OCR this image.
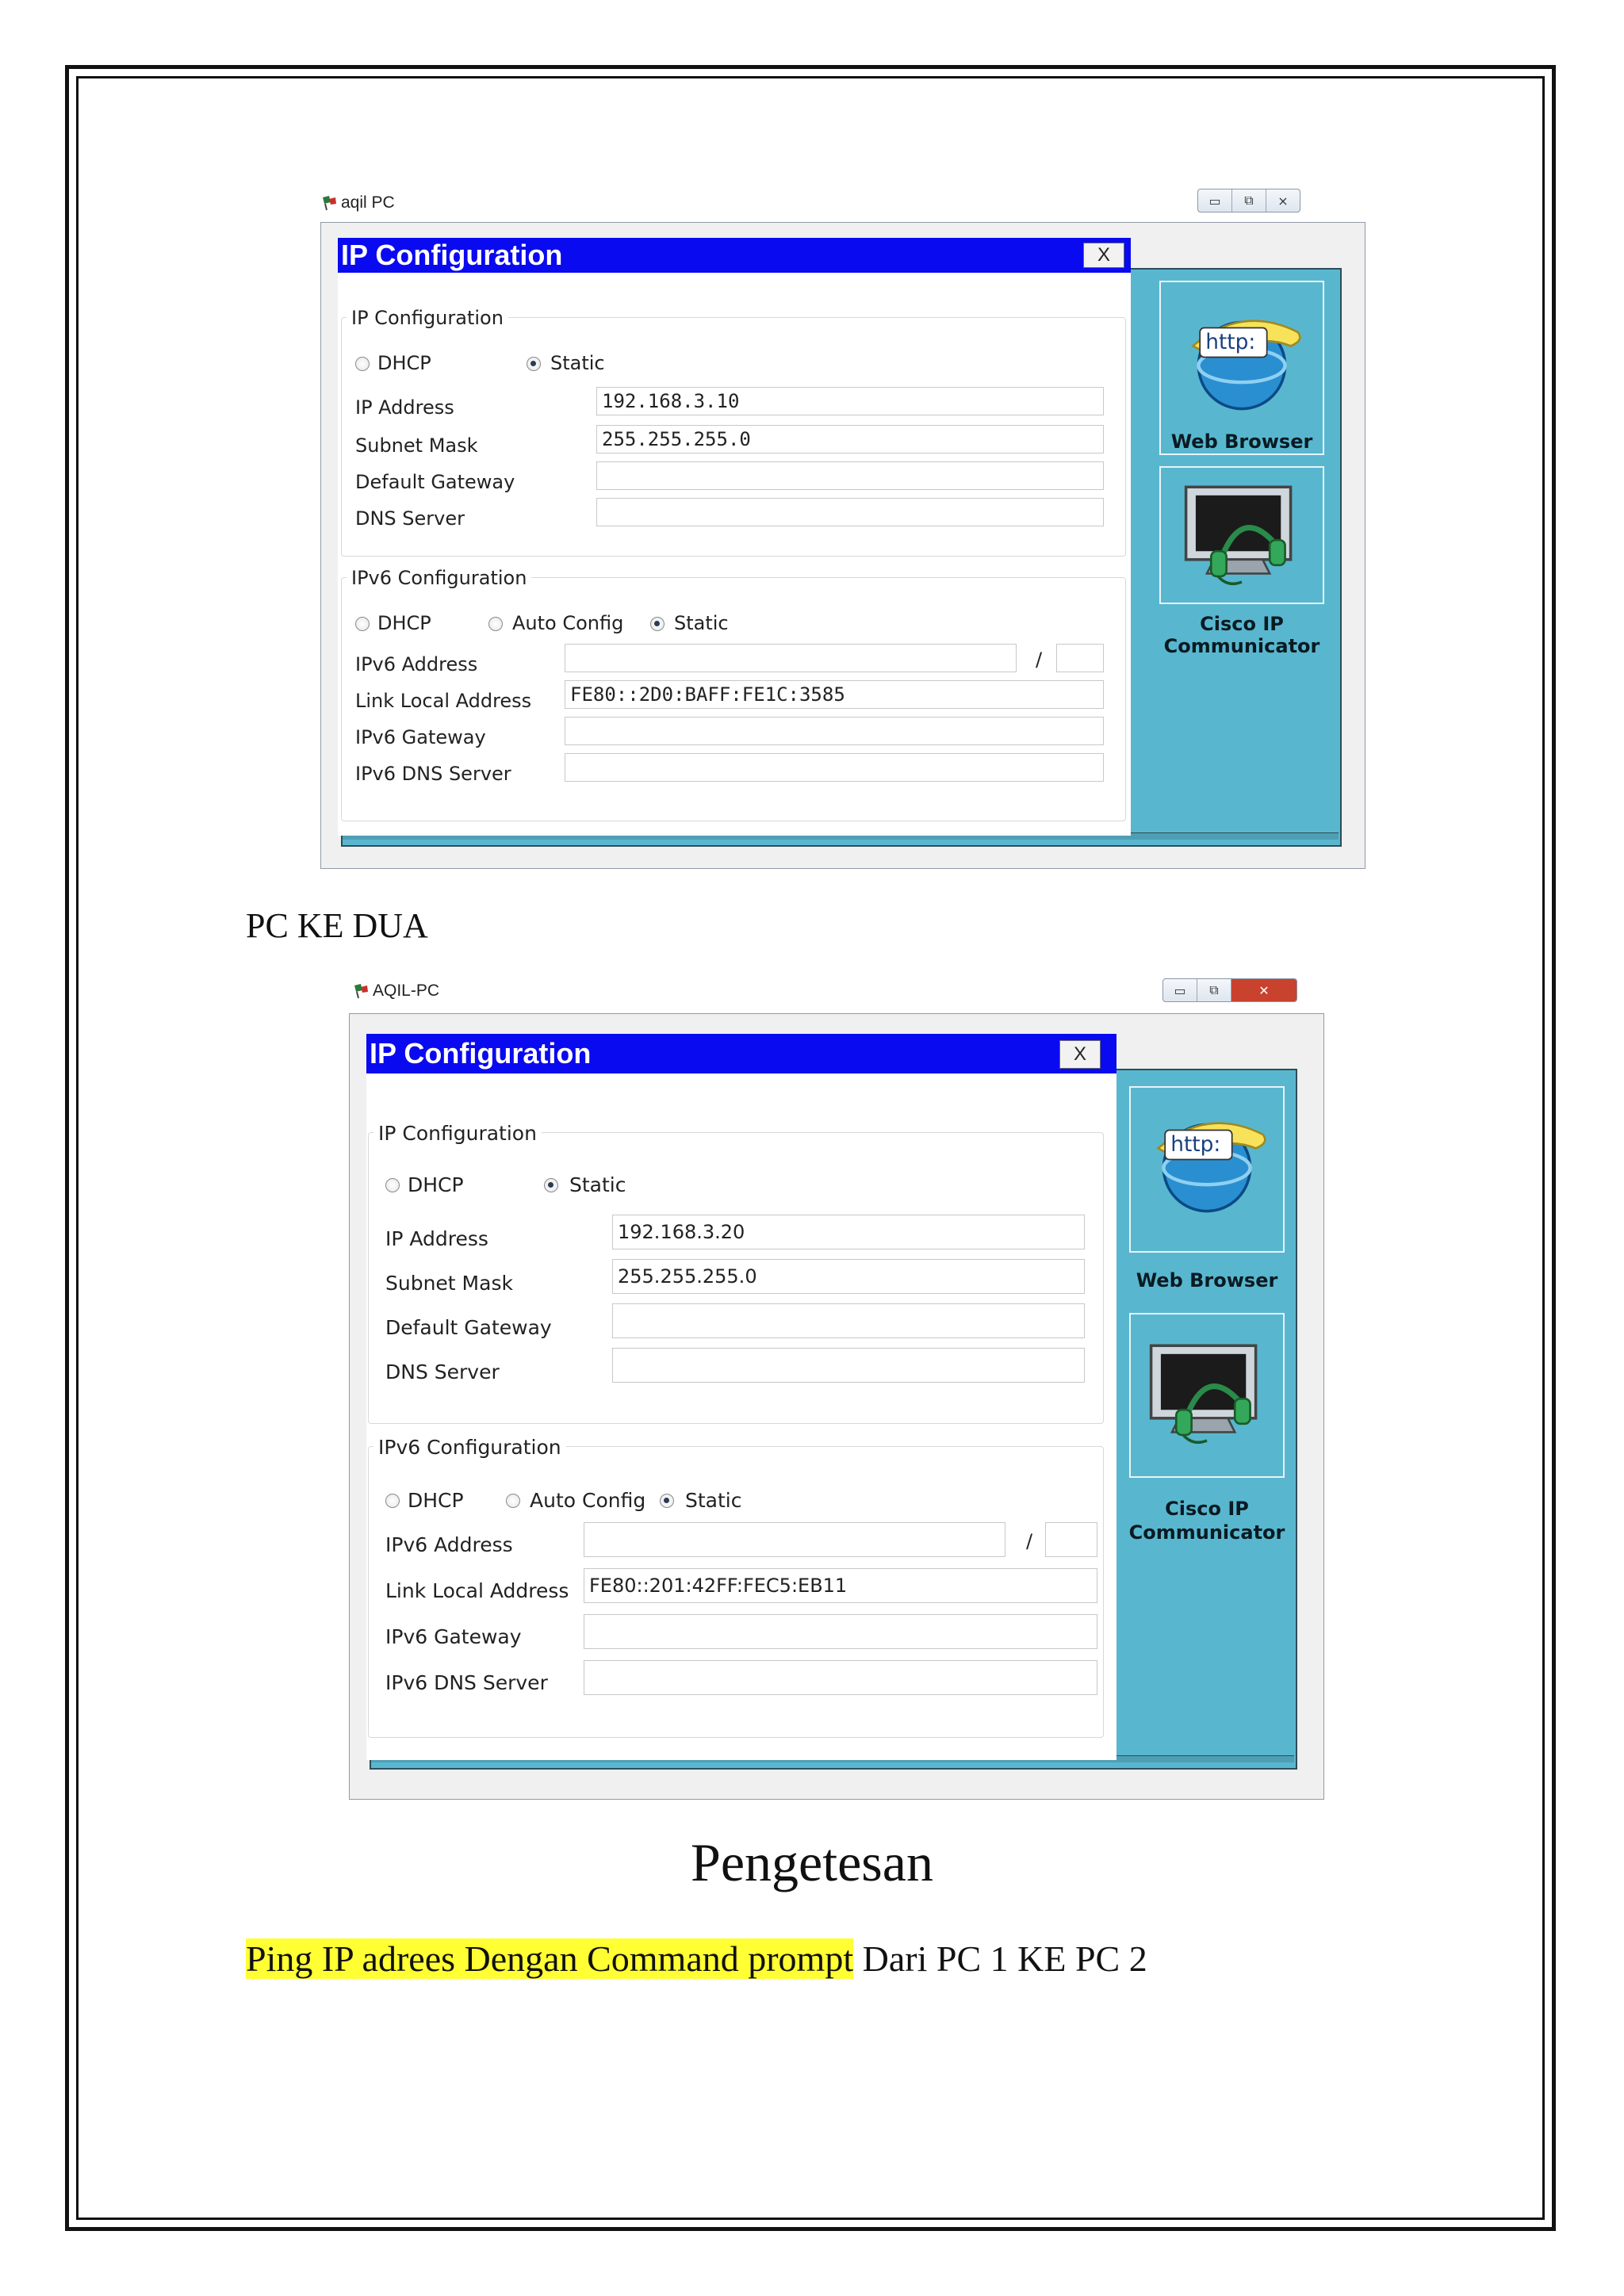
aqil PC	▭	⧉	⨯
IP Configuration	X
IP Configuration
DHCP	Static
IP Address	192.168.3.10
Subnet Mask	255.255.255.0
Default Gateway
DNS Server
IPv6 Configuration
DHCP	Auto Config	Static
IPv6 Address	/
Link Local Address FE80::2D0:BAFF:FE1C:3585
IPv6 Gateway
IPv6 DNS Server
http:
Web Browser
Cisco IP
Communicator
PC KE DUA
AQIL-PC	▭	⧉	✕
IP Configuration	X
IP Configuration
DHCP	Static
IP Address	192.168.3.20
Subnet Mask	255.255.255.0
Default Gateway
DNS Server
IPv6 Configuration
DHCP	Auto Config Static
IPv6 Address	/
Link Local Address FE80::201:42FF:FEC5:EB11
IPv6 Gateway
IPv6 DNS Server
http:
Web Browser
Cisco IP
Communicator
Pengetesan
Ping IP adrees Dengan Command prompt Dari PC 1 KE PC 2
